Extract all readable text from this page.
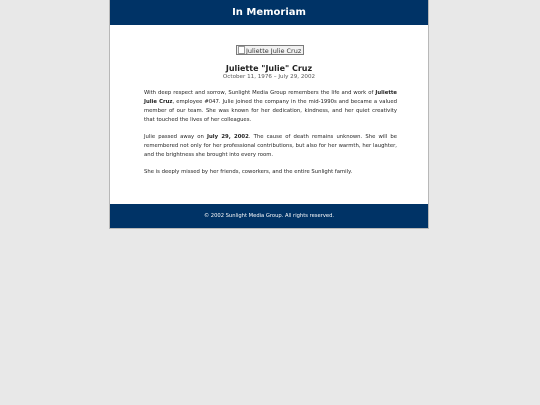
In Memoriam
Juliette Julie Cruz
Juliette "Julie" Cruz
October 11, 1976 – July 29, 2002

With deep respect and sorrow, Sunlight Media Group remembers the life and work of Juliette Julie Cruz, employee #047. Julie joined the company in the mid-1990s and became a valued member of our team. She was known for her dedication, kindness, and her quiet creativity that touched the lives of her colleagues.

Julie passed away on July 29, 2002. The cause of death remains unknown. She will be remembered not only for her professional contributions, but also for her warmth, her laughter, and the brightness she brought into every room.

She is deeply missed by her friends, coworkers, and the entire Sunlight family.

© 2002 Sunlight Media Group. All rights reserved.
